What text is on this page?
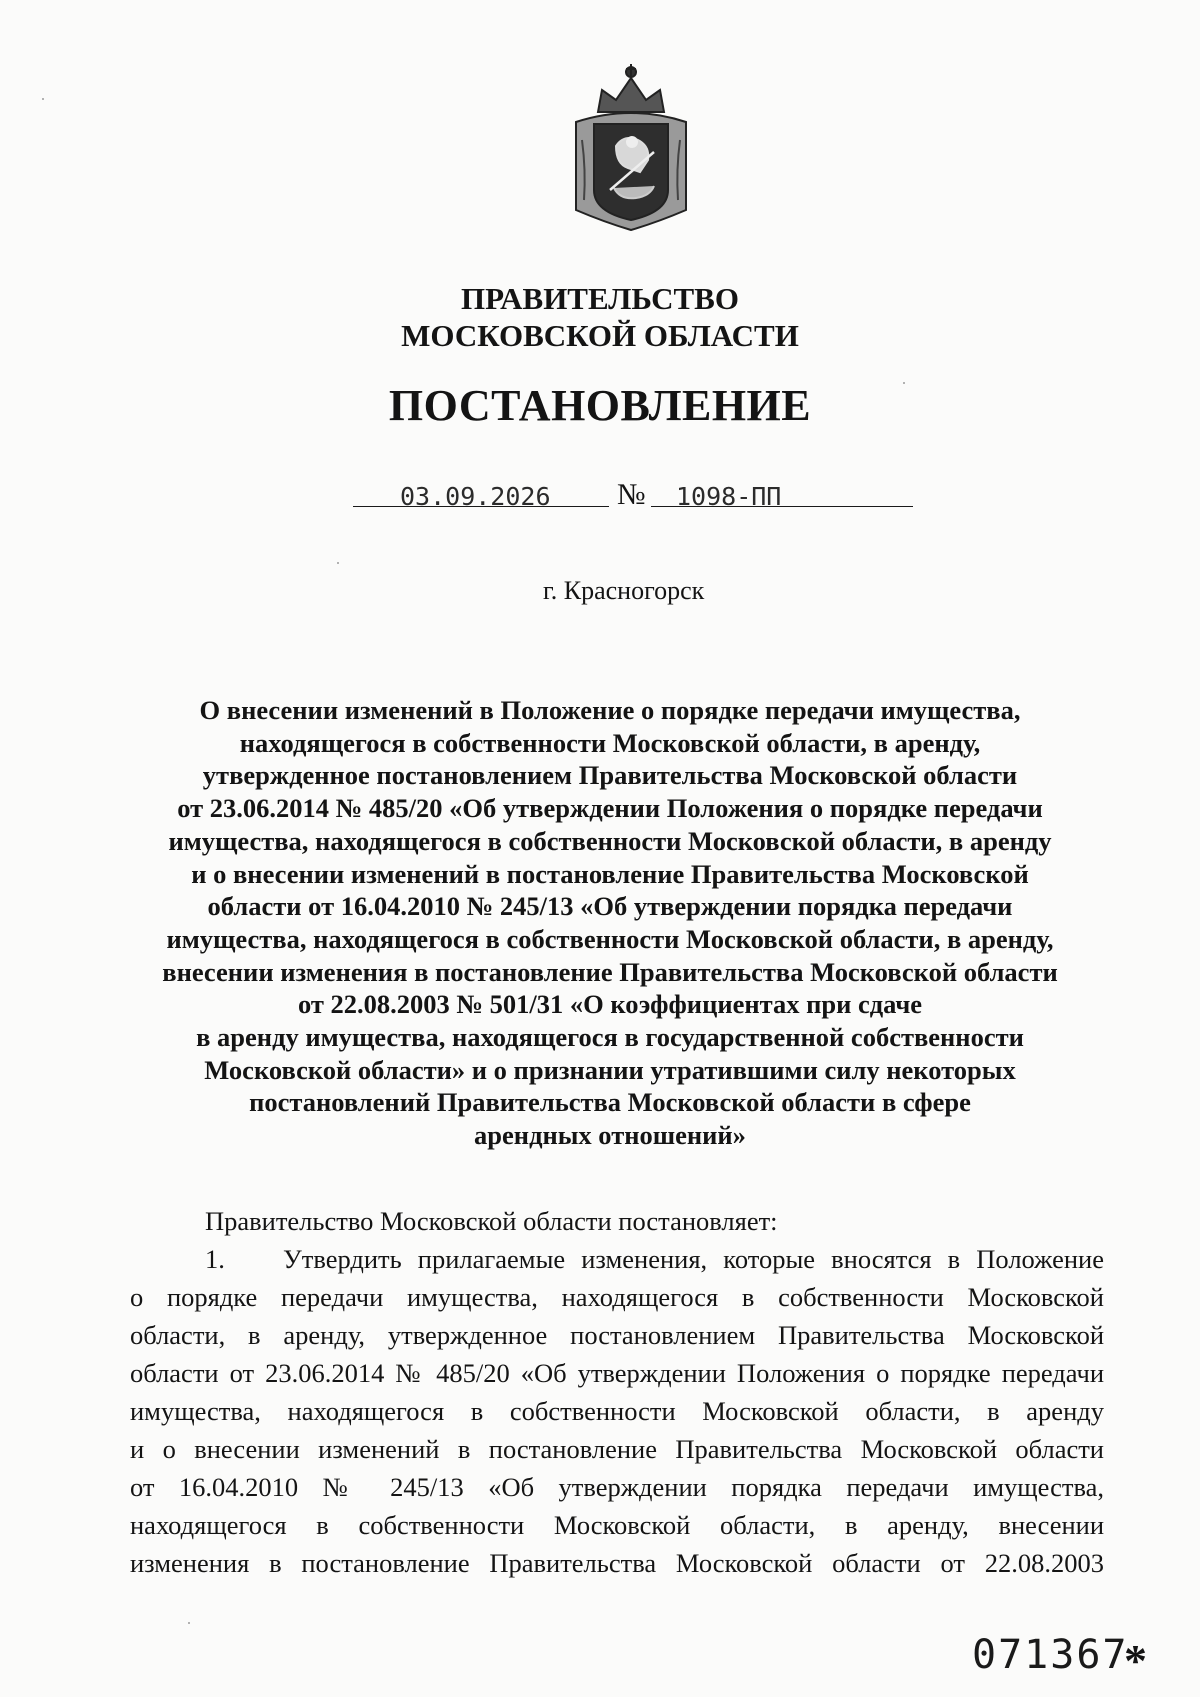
ПРАВИТЕЛЬСТВО
МОСКОВСКОЙ ОБЛАСТИ
ПОСТАНОВЛЕНИЕ
03.09.2026 № 1098-ПП
г. Красногорск
О внесении изменений в Положение о порядке передачи имущества,
находящегося в собственности Московской области, в аренду,
утвержденное постановлением Правительства Московской области
от 23.06.2014 № 485/20 «Об утверждении Положения о порядке передачи
имущества, находящегося в собственности Московской области, в аренду
и о внесении изменений в постановление Правительства Московской
области от 16.04.2010 № 245/13 «Об утверждении порядка передачи
имущества, находящегося в собственности Московской области, в аренду,
внесении изменения в постановление Правительства Московской области
от 22.08.2003 № 501/31 «О коэффициентах при сдаче
в аренду имущества, находящегося в государственной собственности
Московской области» и о признании утратившими силу некоторых
постановлений Правительства Московской области в сфере
арендных отношений»
Правительство Московской области постановляет:
1. Утвердить прилагаемые изменения, которые вносятся в Положение
о порядке передачи имущества, находящегося в собственности Московской
области, в аренду, утвержденное постановлением Правительства Московской
области от 23.06.2014 № 485/20 «Об утверждении Положения о порядке передачи
имущества, находящегося в собственности Московской области, в аренду
и о внесении изменений в постановление Правительства Московской области
от 16.04.2010 № 245/13 «Об утверждении порядка передачи имущества,
находящегося в собственности Московской области, в аренду, внесении
изменения в постановление Правительства Московской области от 22.08.2003
071367
*
